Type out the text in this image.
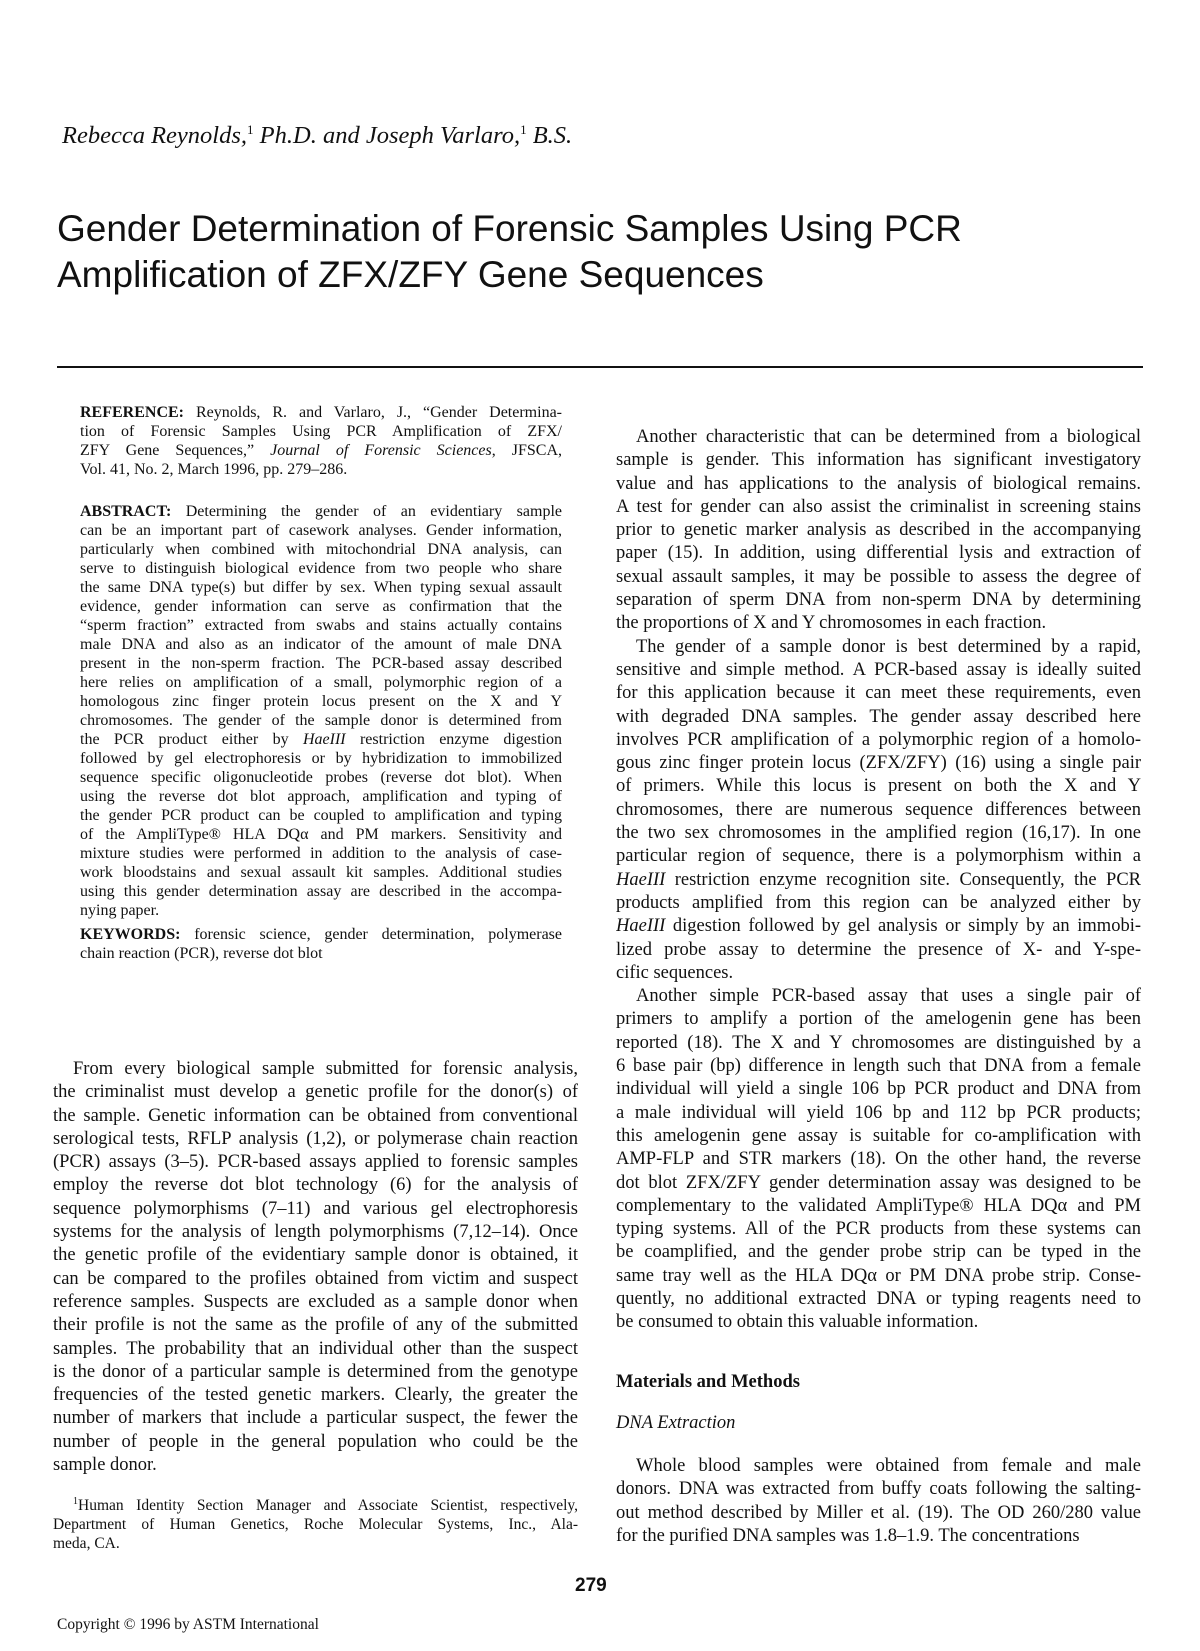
Rebecca Reynolds,$^1$ Ph.D. and Joseph Varlaro,$^1$ B.S.
Gender Determination of Forensic Samples Using PCR
Amplification of ZFX/ZFY Gene Sequences
REFERENCE: Reynolds, R. and Varlaro, J., “Gender Determina-
tion of Forensic Samples Using PCR Amplification of ZFX/
ZFY Gene Sequences,” Journal of Forensic Sciences, JFSCA,
Vol. 41, No. 2, March 1996, pp. 279–286.
ABSTRACT: Determining the gender of an evidentiary sample
can be an important part of casework analyses. Gender information,
particularly when combined with mitochondrial DNA analysis, can
serve to distinguish biological evidence from two people who share
the same DNA type(s) but differ by sex. When typing sexual assault
evidence, gender information can serve as confirmation that the
“sperm fraction” extracted from swabs and stains actually contains
male DNA and also as an indicator of the amount of male DNA
present in the non-sperm fraction. The PCR-based assay described
here relies on amplification of a small, polymorphic region of a
homologous zinc finger protein locus present on the X and Y
chromosomes. The gender of the sample donor is determined from
the PCR product either by HaeIII restriction enzyme digestion
followed by gel electrophoresis or by hybridization to immobilized
sequence specific oligonucleotide probes (reverse dot blot). When
using the reverse dot blot approach, amplification and typing of
the gender PCR product can be coupled to amplification and typing
of the AmpliType® HLA DQα and PM markers. Sensitivity and
mixture studies were performed in addition to the analysis of case-
work bloodstains and sexual assault kit samples. Additional studies
using this gender determination assay are described in the accompa-
nying paper.
KEYWORDS: forensic science, gender determination, polymerase
chain reaction (PCR), reverse dot blot
From every biological sample submitted for forensic analysis,
the criminalist must develop a genetic profile for the donor(s) of
the sample. Genetic information can be obtained from conventional
serological tests, RFLP analysis (1,2), or polymerase chain reaction
(PCR) assays (3–5). PCR-based assays applied to forensic samples
employ the reverse dot blot technology (6) for the analysis of
sequence polymorphisms (7–11) and various gel electrophoresis
systems for the analysis of length polymorphisms (7,12–14). Once
the genetic profile of the evidentiary sample donor is obtained, it
can be compared to the profiles obtained from victim and suspect
reference samples. Suspects are excluded as a sample donor when
their profile is not the same as the profile of any of the submitted
samples. The probability that an individual other than the suspect
is the donor of a particular sample is determined from the genotype
frequencies of the tested genetic markers. Clearly, the greater the
number of markers that include a particular suspect, the fewer the
number of people in the general population who could be the
sample donor.
$^1$Human Identity Section Manager and Associate Scientist, respectively,
Department of Human Genetics, Roche Molecular Systems, Inc., Ala-
meda, CA.
Another characteristic that can be determined from a biological
sample is gender. This information has significant investigatory
value and has applications to the analysis of biological remains.
A test for gender can also assist the criminalist in screening stains
prior to genetic marker analysis as described in the accompanying
paper (15). In addition, using differential lysis and extraction of
sexual assault samples, it may be possible to assess the degree of
separation of sperm DNA from non-sperm DNA by determining
the proportions of X and Y chromosomes in each fraction.
The gender of a sample donor is best determined by a rapid,
sensitive and simple method. A PCR-based assay is ideally suited
for this application because it can meet these requirements, even
with degraded DNA samples. The gender assay described here
involves PCR amplification of a polymorphic region of a homolo-
gous zinc finger protein locus (ZFX/ZFY) (16) using a single pair
of primers. While this locus is present on both the X and Y
chromosomes, there are numerous sequence differences between
the two sex chromosomes in the amplified region (16,17). In one
particular region of sequence, there is a polymorphism within a
HaeIII restriction enzyme recognition site. Consequently, the PCR
products amplified from this region can be analyzed either by
HaeIII digestion followed by gel analysis or simply by an immobi-
lized probe assay to determine the presence of X- and Y-spe-
cific sequences.
Another simple PCR-based assay that uses a single pair of
primers to amplify a portion of the amelogenin gene has been
reported (18). The X and Y chromosomes are distinguished by a
6 base pair (bp) difference in length such that DNA from a female
individual will yield a single 106 bp PCR product and DNA from
a male individual will yield 106 bp and 112 bp PCR products;
this amelogenin gene assay is suitable for co-amplification with
AMP-FLP and STR markers (18). On the other hand, the reverse
dot blot ZFX/ZFY gender determination assay was designed to be
complementary to the validated AmpliType® HLA DQα and PM
typing systems. All of the PCR products from these systems can
be coamplified, and the gender probe strip can be typed in the
same tray well as the HLA DQα or PM DNA probe strip. Conse-
quently, no additional extracted DNA or typing reagents need to
be consumed to obtain this valuable information.
Materials and Methods
DNA Extraction
Whole blood samples were obtained from female and male
donors. DNA was extracted from buffy coats following the salting-
out method described by Miller et al. (19). The OD 260/280 value
for the purified DNA samples was 1.8–1.9. The concentrations
279
Copyright © 1996 by ASTM International
